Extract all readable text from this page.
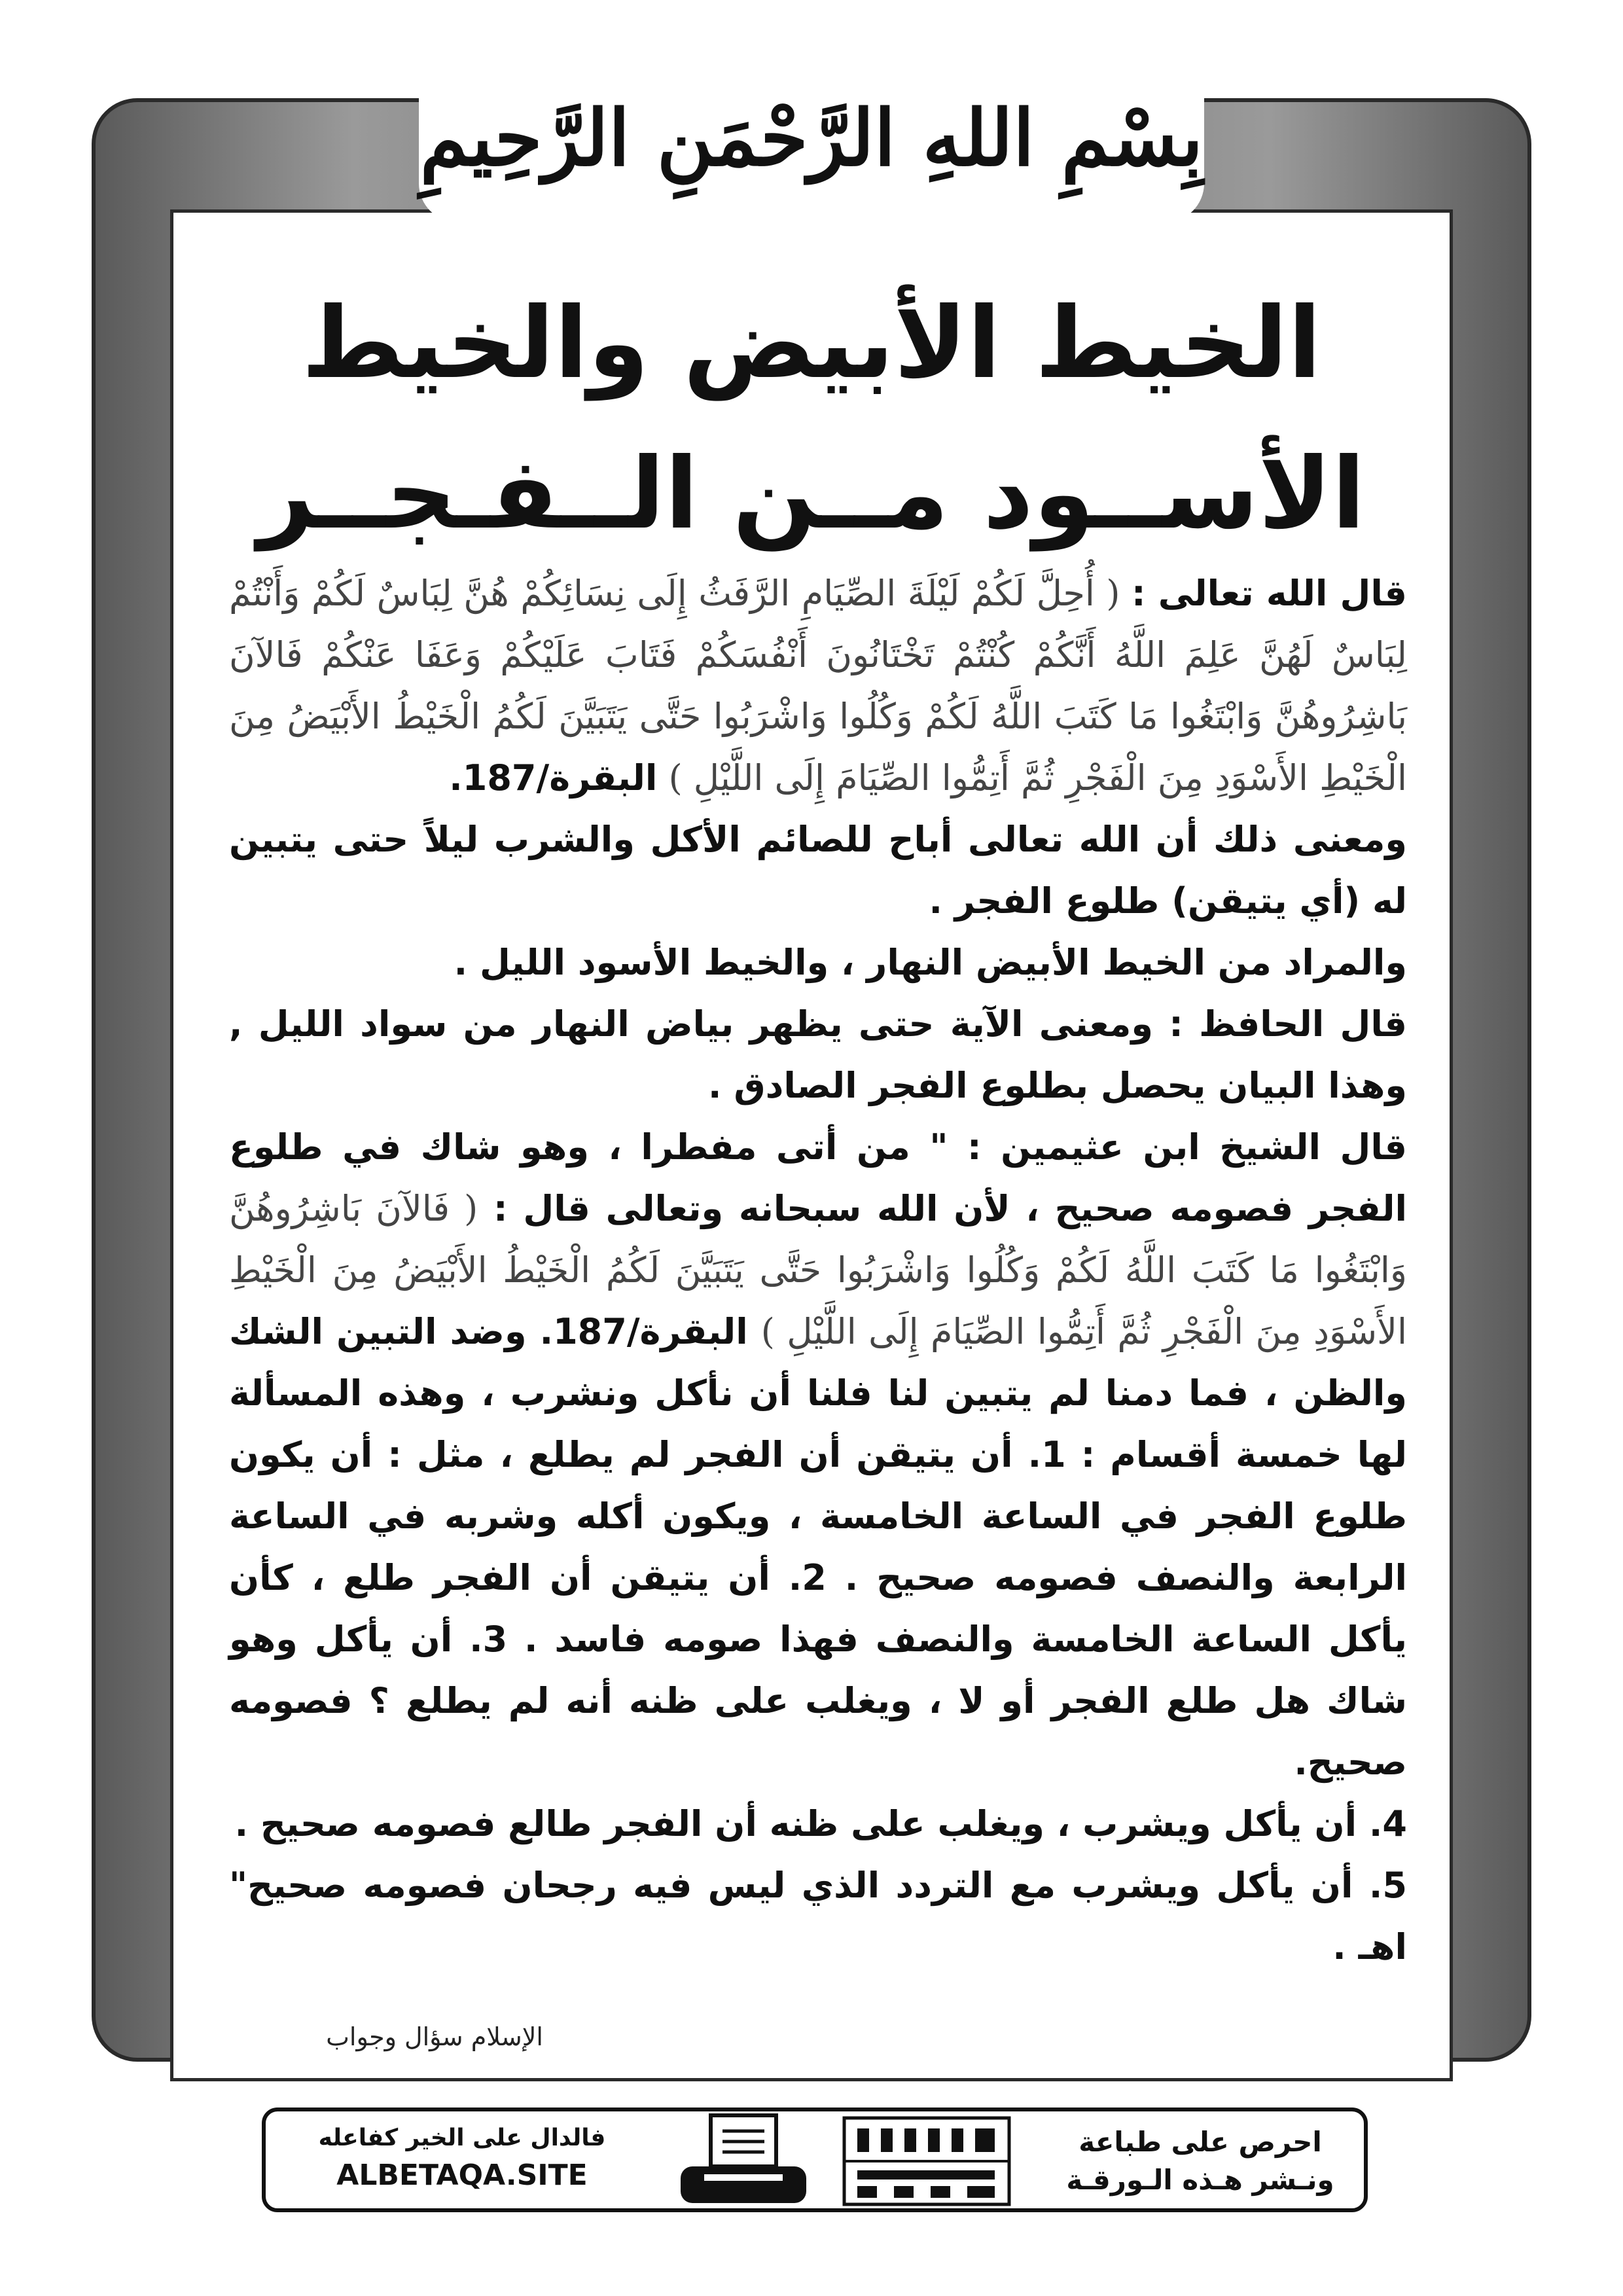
بِسْمِ اللهِ الرَّحْمَنِ الرَّحِيمِ
الخيط الأبيض والخيط
الأســود مــن الــفـجــر

قال الله تعالى : ( أُحِلَّ لَكُمْ لَيْلَةَ الصِّيَامِ الرَّفَثُ إِلَى نِسَائِكُمْ هُنَّ لِبَاسٌ لَكُمْ وَأَنْتُمْ لِبَاسٌ لَهُنَّ عَلِمَ اللَّهُ أَنَّكُمْ كُنْتُمْ تَخْتَانُونَ أَنْفُسَكُمْ فَتَابَ عَلَيْكُمْ وَعَفَا عَنْكُمْ فَالآنَ بَاشِرُوهُنَّ وَابْتَغُوا مَا كَتَبَ اللَّهُ لَكُمْ وَكُلُوا وَاشْرَبُوا حَتَّى يَتَبَيَّنَ لَكُمُ الْخَيْطُ الأَبْيَضُ مِنَ الْخَيْطِ الأَسْوَدِ مِنَ الْفَجْرِ ثُمَّ أَتِمُّوا الصِّيَامَ إِلَى اللَّيْلِ ) البقرة/187.

ومعنى ذلك أن الله تعالى أباح للصائم الأكل والشرب ليلاً حتى يتبين له (أي يتيقن) طلوع الفجر .

والمراد من الخيط الأبيض النهار ، والخيط الأسود الليل .

قال الحافظ : ومعنى الآية حتى يظهر بياض النهار من سواد الليل , وهذا البيان يحصل بطلوع الفجر الصادق .

قال الشيخ ابن عثيمين : " من أتى مفطرا ، وهو شاك في طلوع الفجر فصومه صحيح ، لأن الله سبحانه وتعالى قال : ( فَالآنَ بَاشِرُوهُنَّ وَابْتَغُوا مَا كَتَبَ اللَّهُ لَكُمْ وَكُلُوا وَاشْرَبُوا حَتَّى يَتَبَيَّنَ لَكُمُ الْخَيْطُ الأَبْيَضُ مِنَ الْخَيْطِ الأَسْوَدِ مِنَ الْفَجْرِ ثُمَّ أَتِمُّوا الصِّيَامَ إِلَى اللَّيْلِ ) البقرة/187. وضد التبين الشك والظن ، فما دمنا لم يتبين لنا فلنا أن نأكل ونشرب ، وهذه المسألة لها خمسة أقسام : 1. أن يتيقن أن الفجر لم يطلع ، مثل : أن يكون طلوع الفجر في الساعة الخامسة ، ويكون أكله وشربه في الساعة الرابعة والنصف فصومه صحيح . 2. أن يتيقن أن الفجر طلع ، كأن يأكل الساعة الخامسة والنصف فهذا صومه فاسد . 3. أن يأكل وهو شاك هل طلع الفجر أو لا ، ويغلب على ظنه أنه لم يطلع ؟ فصومه صحيح.

4. أن يأكل ويشرب ، ويغلب على ظنه أن الفجر طالع فصومه صحيح .

5. أن يأكل ويشرب مع التردد الذي ليس فيه رجحان فصومه صحيح" اهـ .

الإسلام سؤال وجواب
فالدال على الخير كفاعله
ALBETAQA.SITE
احرص على طباعة
ونـشر هـذه الـورقـة
